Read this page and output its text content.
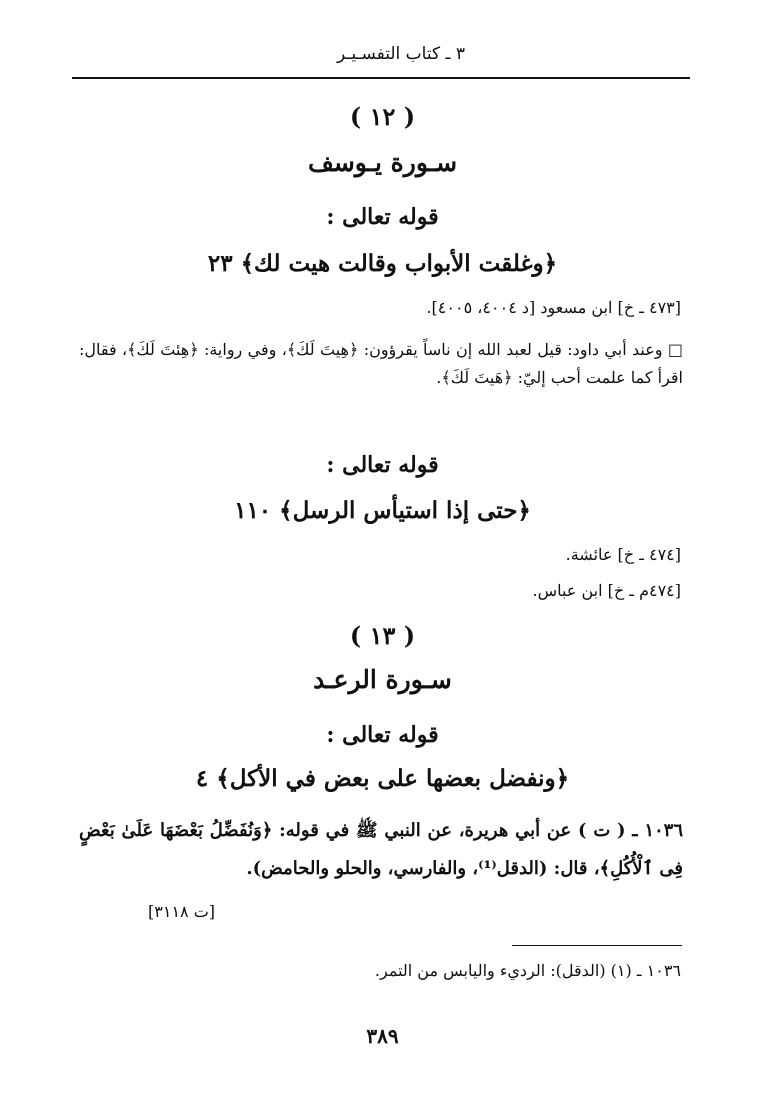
٣ ـ كتاب التفسـيـر
( ١٢ )
سـورة يـوسف
قوله تعالى :
﴿وغلقت الأبواب وقالت هيت لك﴾ ٢٣
[٤٧٣ ـ خ] ابن مسعود [د ٤٠٠٤، ٤٠٠٥].
□ وعند أبي داود: قيل لعبد الله إن ناساً يقرؤون: ﴿هِيتَ لَكَ﴾، وفي رواية: ﴿هِئتَ لَكَ﴾، فقال: اقرأ كما علمت أحب إليّ: ﴿هَيتَ لَكَ﴾.
قوله تعالى :
﴿حتى إذا استيأس الرسل﴾ ١١٠
[٤٧٤ ـ خ] عائشة.
[٤٧٤م ـ خ] ابن عباس.
( ١٣ )
سـورة الرعـد
قوله تعالى :
﴿ونفضل بعضها على بعض في الأكل﴾ ٤
١٠٣٦ ـ ( ت ) عن أبي هريرة، عن النبي ﷺ في قوله: ﴿وَنُفَضِّلُ بَعْضَهَا عَلَىٰ بَعْضٍ فِى ٱلْأُكُلِ﴾، قال: (الدقل⁽¹⁾، والفارسي، والحلو والحامض).
[ت ٣١١٨]
١٠٣٦ ـ (١) (الدقل): الرديء واليابس من التمر.
٣٨٩
